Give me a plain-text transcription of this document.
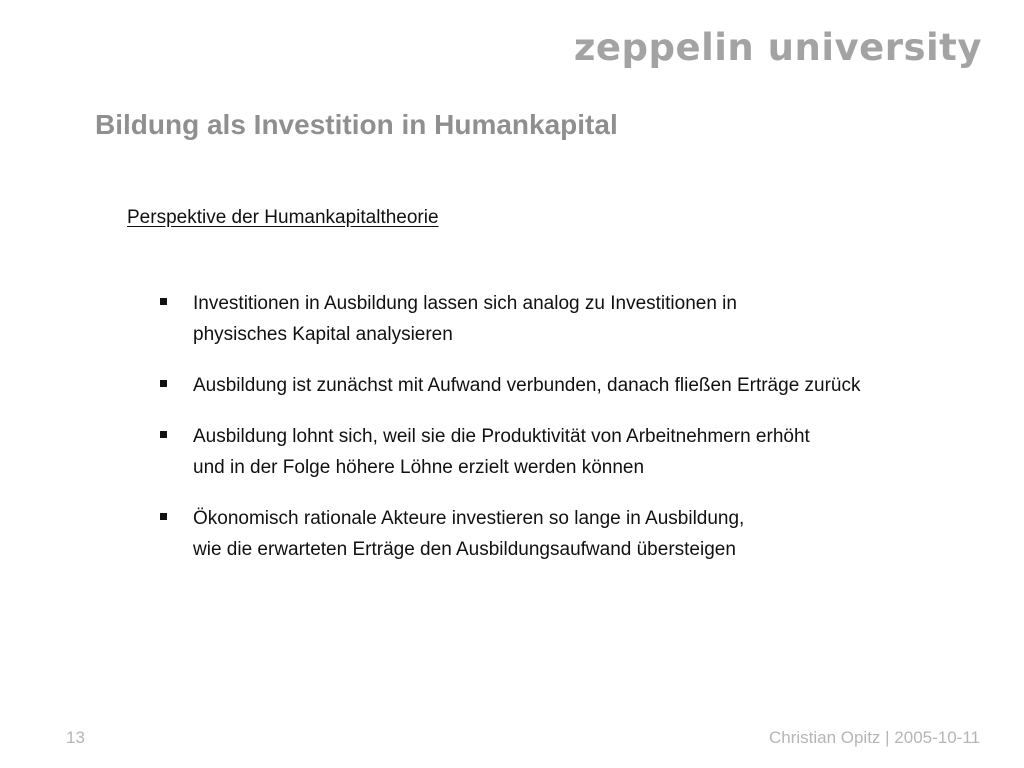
zeppelin university
Bildung als Investition in Humankapital
Perspektive der Humankapitaltheorie
Investitionen in Ausbildung lassen sich analog zu Investitionen in
physisches Kapital analysieren
Ausbildung ist zunächst mit Aufwand verbunden, danach fließen Erträge zurück
Ausbildung lohnt sich, weil sie die Produktivität von Arbeitnehmern erhöht
und in der Folge höhere Löhne erzielt werden können
Ökonomisch rationale Akteure investieren so lange in Ausbildung,
wie die erwarteten Erträge den Ausbildungsaufwand übersteigen
13	Christian Opitz | 2005-10-11
